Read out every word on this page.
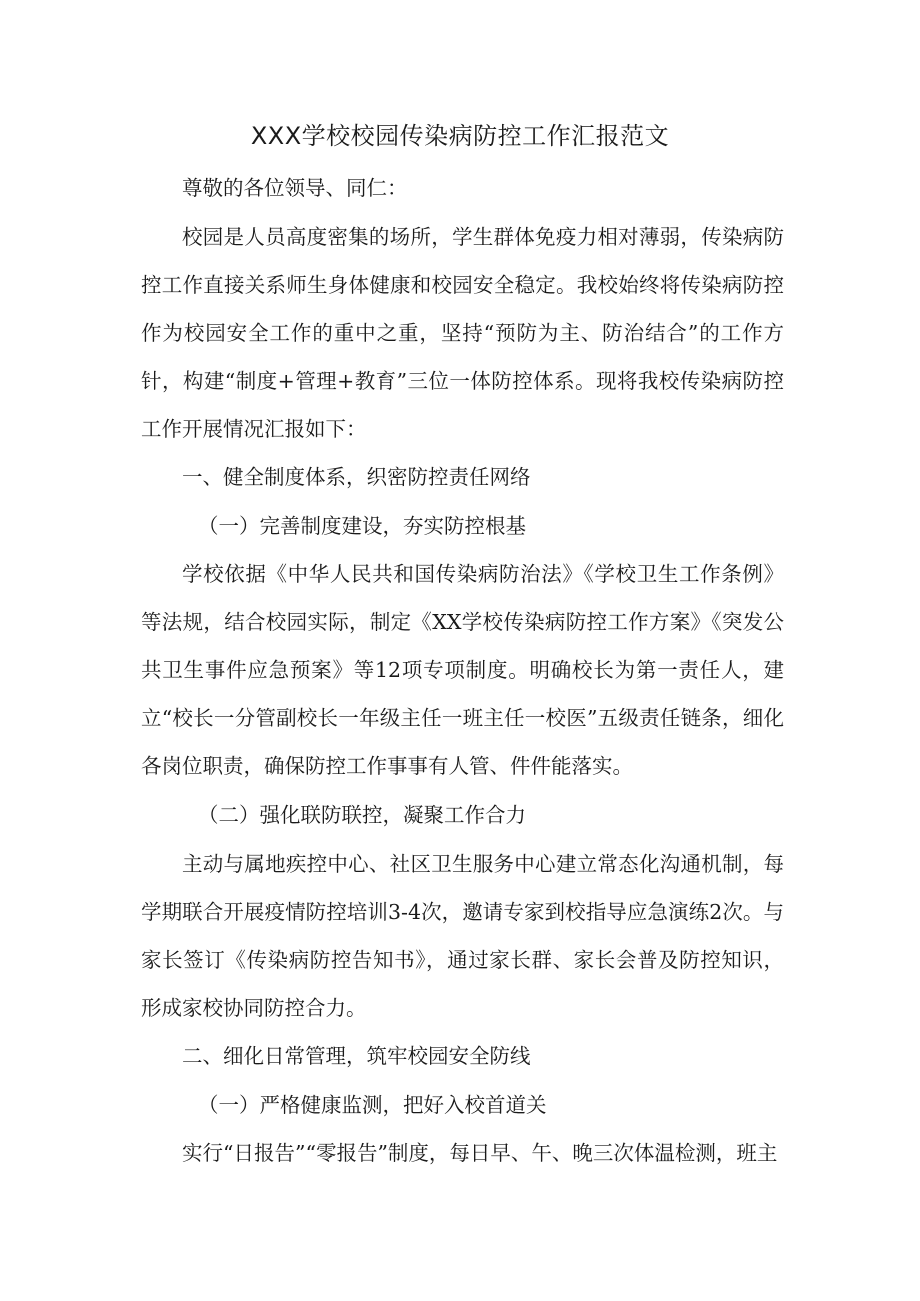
XXX学校校园传染病防控工作汇报范文

尊敬的各位领导、同仁：

校园是人员高度密集的场所，学生群体免疫力相对薄弱，传染病防控工作直接关系师生身体健康和校园安全稳定。我校始终将传染病防控作为校园安全工作的重中之重，坚持“预防为主、防治结合”的工作方针，构建“制度+管理+教育”三位一体防控体系。现将我校传染病防控工作开展情况汇报如下：

一、健全制度体系，织密防控责任网络

（一）完善制度建设，夯实防控根基

学校依据《中华人民共和国传染病防治法》《学校卫生工作条例》等法规，结合校园实际，制定《XX学校传染病防控工作方案》《突发公共卫生事件应急预案》等12项专项制度。明确校长为第一责任人，建立“校长一分管副校长一年级主任一班主任一校医”五级责任链条，细化各岗位职责，确保防控工作事事有人管、件件能落实。

（二）强化联防联控，凝聚工作合力

主动与属地疾控中心、社区卫生服务中心建立常态化沟通机制，每学期联合开展疫情防控培训3-4次，邀请专家到校指导应急演练2次。与家长签订《传染病防控告知书》，通过家长群、家长会普及防控知识，形成家校协同防控合力。

二、细化日常管理，筑牢校园安全防线

（一）严格健康监测，把好入校首道关

实行“日报告”“零报告”制度，每日早、午、晚三次体温检测，班主
